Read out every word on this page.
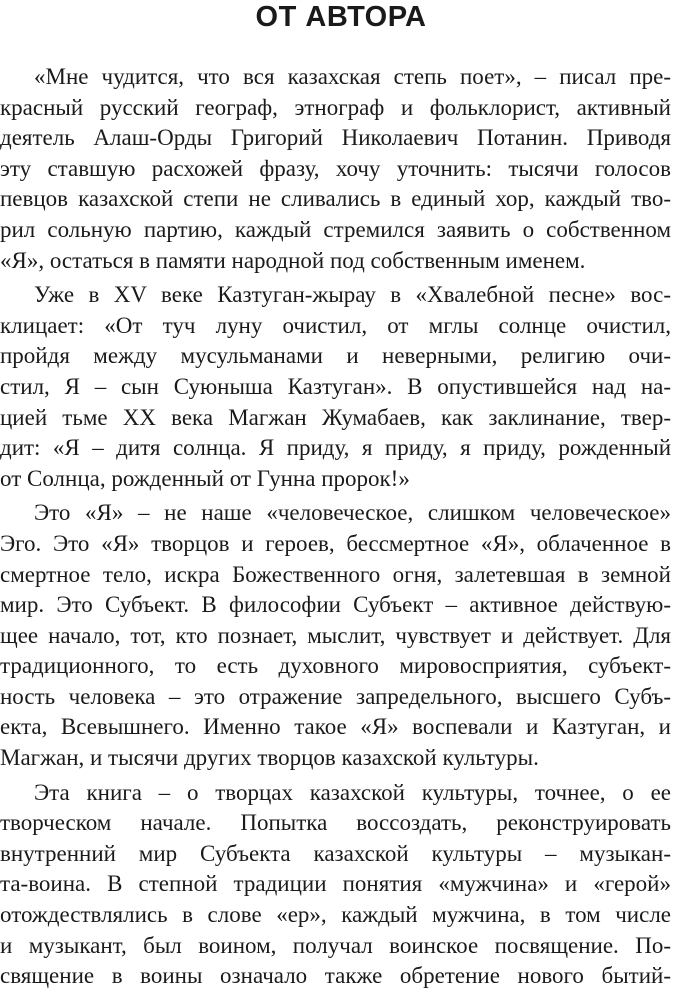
ОТ АВТОРА
«Мне чудится, что вся казахская степь поет», – писал пре-
красный русский географ, этнограф и фольклорист, активный
деятель Алаш-Орды Григорий Николаевич Потанин. Приводя
эту ставшую расхожей фразу, хочу уточнить: тысячи голосов
певцов казахской степи не сливались в единый хор, каждый тво-
рил сольную партию, каждый стремился заявить о собственном
«Я», остаться в памяти народной под собственным именем.
Уже в XV веке Казтуган-жырау в «Хвалебной песне» вос-
клицает: «От туч луну очистил, от мглы солнце очистил,
пройдя между мусульманами и неверными, религию очи-
стил, Я – сын Суюныша Казтуган». В опустившейся над на-
цией тьме XX века Магжан Жумабаев, как заклинание, твер-
дит: «Я – дитя солнца. Я приду, я приду, я приду, рожденный
от Солнца, рожденный от Гунна пророк!»
Это «Я» – не наше «человеческое, слишком человеческое»
Эго. Это «Я» творцов и героев, бессмертное «Я», облаченное в
смертное тело, искра Божественного огня, залетевшая в земной
мир. Это Субъект. В философии Субъект – активное действую-
щее начало, тот, кто познает, мыслит, чувствует и действует. Для
традиционного, то есть духовного мировосприятия, субъект-
ность человека – это отражение запредельного, высшего Субъ-
екта, Всевышнего. Именно такое «Я» воспевали и Казтуган, и
Магжан, и тысячи других творцов казахской культуры.
Эта книга – о творцах казахской культуры, точнее, о ее
творческом начале. Попытка воссоздать, реконструировать
внутренний мир Субъекта казахской культуры – музыкан-
та-воина. В степной традиции понятия «мужчина» и «герой»
отождествлялись в слове «ер», каждый мужчина, в том числе
и музыкант, был воином, получал воинское посвящение. По-
священие в воины означало также обретение нового бытий-
